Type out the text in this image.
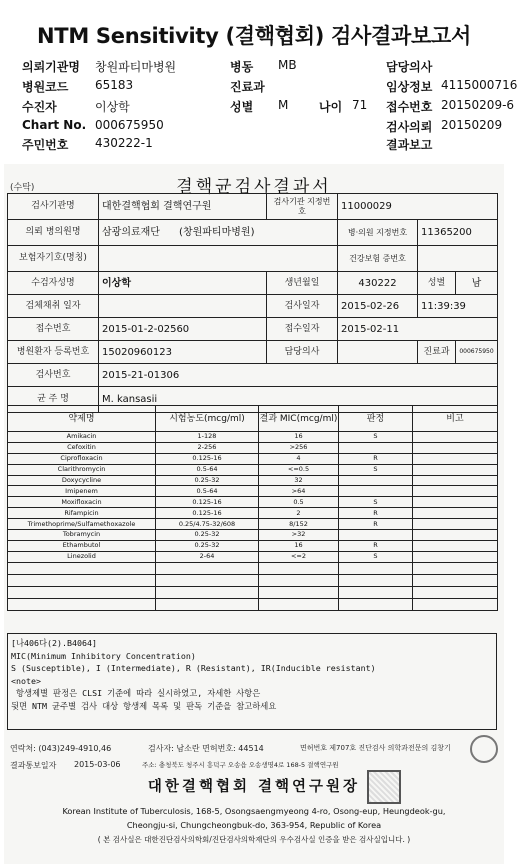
NTM Sensitivity (결핵협회) 검사결과보고서
의뢰기관명 창원파티마병원
병원코드 65183
수진자	이상학
Chart No. 000675950
주민번호 430222-1
병동 MB
진료과
성별 M	나이 71
담당의사
임상정보 4115000716
접수번호 20150209-6
검사의뢰 20150209
결과보고
결핵균검사결과서
(수탁)
검사기관명	대한결핵협회 결핵연구원	검사기관 지정번호	11000029		
의뢰 병의원명	삼광의료재단 (창원파티마병원)		병·의원 지정번호	11365200	
보험자기호(명칭)			건강보험 증번호		
수검자성명	이상학	생년월일	430222	성별	남
검체채취 일자		검사일자	2015-02-26	11:39:39	
접수번호	2015-01-2-02560	접수일자	2015-02-11		
병원환자 등록번호	15020960123	담당의사		진료과	000675950
검사번호	2015-21-01306				
균 주 명	M. kansasii				
약제명	시험농도(mcg/ml)	결과 MIC(mcg/ml)	판정	비고
Amikacin	1-128	16	S	
Cefoxitin	2-256	>256		
Ciprofloxacin	0.125-16	4	R	
Clarithromycin	0.5-64	<=0.5	S	
Doxycycline	0.25-32	32		
Imipenem	0.5-64	>64		
Moxifloxacin	0.125-16	0.5	S	
Rifampicin	0.125-16	2	R	
Trimethoprime/Sulfamethoxazole	0.25/4.75-32/608	8/152	R	
Tobramycin	0.25-32	>32		
Ethambutol	0.25-32	16	R	
Linezolid	2-64	<=2	S	

[나406다(2).B4064]
MIC(Minimum Inhibitory Concentration)
S (Susceptible), I (Intermediate), R (Resistant), IR(Inducible resistant)
<note>
항생제별 판정은 CLSI 기준에 따라 실시하였고, 자세한 사항은
뒷면 NTM 균주별 검사 대상 항생제 목록 및 판독 기준을 참고하세요
연락처: (043)249-4910,46	검사자: 남소란 면허번호: 44514	면허번호 제707호 진단검사 의학과전문의 김창기
결과통보일자 2015-03-06	주소: 충청북도 청주시 흥덕구 오송읍 오송생명4로 168-5 결핵연구원
대한결핵협회 결핵연구원장
Korean Institute of Tuberculosis, 168-5, Osongsaengmyeong 4-ro, Osong-eup, Heungdeok-gu,
Cheongju-si, Chungcheongbuk-do, 363-954, Republic of Korea
( 본 검사실은 대한진단검사의학회/진단검사의학재단의 우수검사실 인증을 받은 검사실입니다. )
